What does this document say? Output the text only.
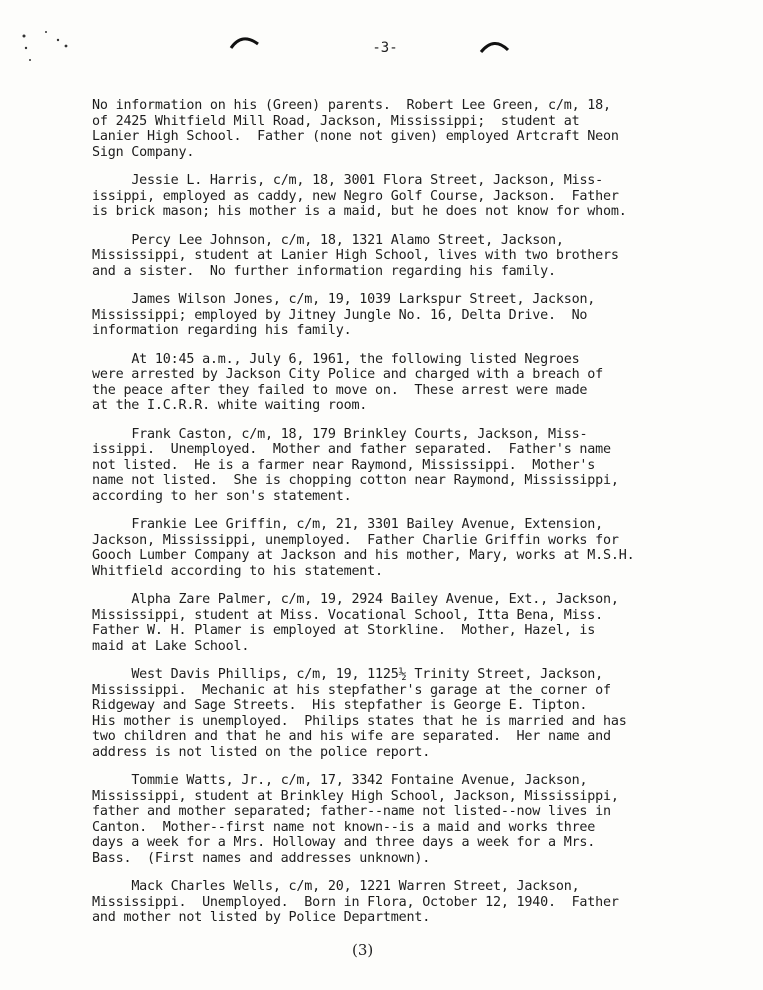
-3-

No information on his (Green) parents.  Robert Lee Green, c/m, 18,
of 2425 Whitfield Mill Road, Jackson, Mississippi;  student at
Lanier High School.  Father (none not given) employed Artcraft Neon
Sign Company.

Jessie L. Harris, c/m, 18, 3001 Flora Street, Jackson, Miss-
issippi, employed as caddy, new Negro Golf Course, Jackson.  Father
is brick mason; his mother is a maid, but he does not know for whom.

Percy Lee Johnson, c/m, 18, 1321 Alamo Street, Jackson,
Mississippi, student at Lanier High School, lives with two brothers
and a sister.  No further information regarding his family.

James Wilson Jones, c/m, 19, 1039 Larkspur Street, Jackson,
Mississippi; employed by Jitney Jungle No. 16, Delta Drive.  No
information regarding his family.

At 10:45 a.m., July 6, 1961, the following listed Negroes
were arrested by Jackson City Police and charged with a breach of
the peace after they failed to move on.  These arrest were made
at the I.C.R.R. white waiting room.

Frank Caston, c/m, 18, 179 Brinkley Courts, Jackson, Miss-
issippi.  Unemployed.  Mother and father separated.  Father's name
not listed.  He is a farmer near Raymond, Mississippi.  Mother's
name not listed.  She is chopping cotton near Raymond, Mississippi,
according to her son's statement.

Frankie Lee Griffin, c/m, 21, 3301 Bailey Avenue, Extension,
Jackson, Mississippi, unemployed.  Father Charlie Griffin works for
Gooch Lumber Company at Jackson and his mother, Mary, works at M.S.H.
Whitfield according to his statement.

Alpha Zare Palmer, c/m, 19, 2924 Bailey Avenue, Ext., Jackson,
Mississippi, student at Miss. Vocational School, Itta Bena, Miss.
Father W. H. Plamer is employed at Storkline.  Mother, Hazel, is
maid at Lake School.

West Davis Phillips, c/m, 19, 1125½ Trinity Street, Jackson,
Mississippi.  Mechanic at his stepfather's garage at the corner of
Ridgeway and Sage Streets.  His stepfather is George E. Tipton.
His mother is unemployed.  Philips states that he is married and has
two children and that he and his wife are separated.  Her name and
address is not listed on the police report.

Tommie Watts, Jr., c/m, 17, 3342 Fontaine Avenue, Jackson,
Mississippi, student at Brinkley High School, Jackson, Mississippi,
father and mother separated; father--name not listed--now lives in
Canton.  Mother--first name not known--is a maid and works three
days a week for a Mrs. Holloway and three days a week for a Mrs.
Bass.  (First names and addresses unknown).

Mack Charles Wells, c/m, 20, 1221 Warren Street, Jackson,
Mississippi.  Unemployed.  Born in Flora, October 12, 1940.  Father
and mother not listed by Police Department.

(3)
